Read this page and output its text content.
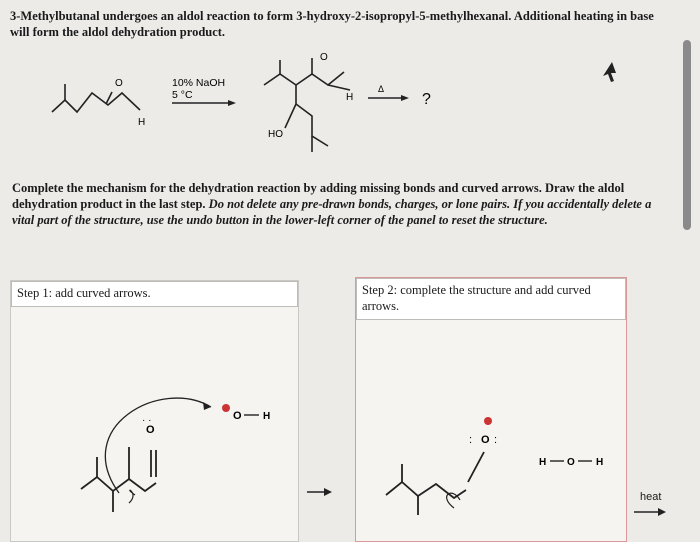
3-Methylbutanal undergoes an aldol reaction to form 3-hydroxy-2-isopropyl-5-methylhexanal. Additional heating in base will form the aldol dehydration product.
O
H
10% NaOH
5 °C
O
H
HO
Δ
?
Complete the mechanism for the dehydration reaction by adding missing bonds and curved arrows. Draw the aldol dehydration product in the last step. Do not delete any pre-drawn bonds, charges, or lone pairs. If you accidentally delete a vital part of the structure, use the undo button in the lower-left corner of the panel to reset the structure.
Step 1: add curved arrows.
O
· ·	O H
Step 2: complete the structure and add curved arrows.
O
: :
H O H
heat
